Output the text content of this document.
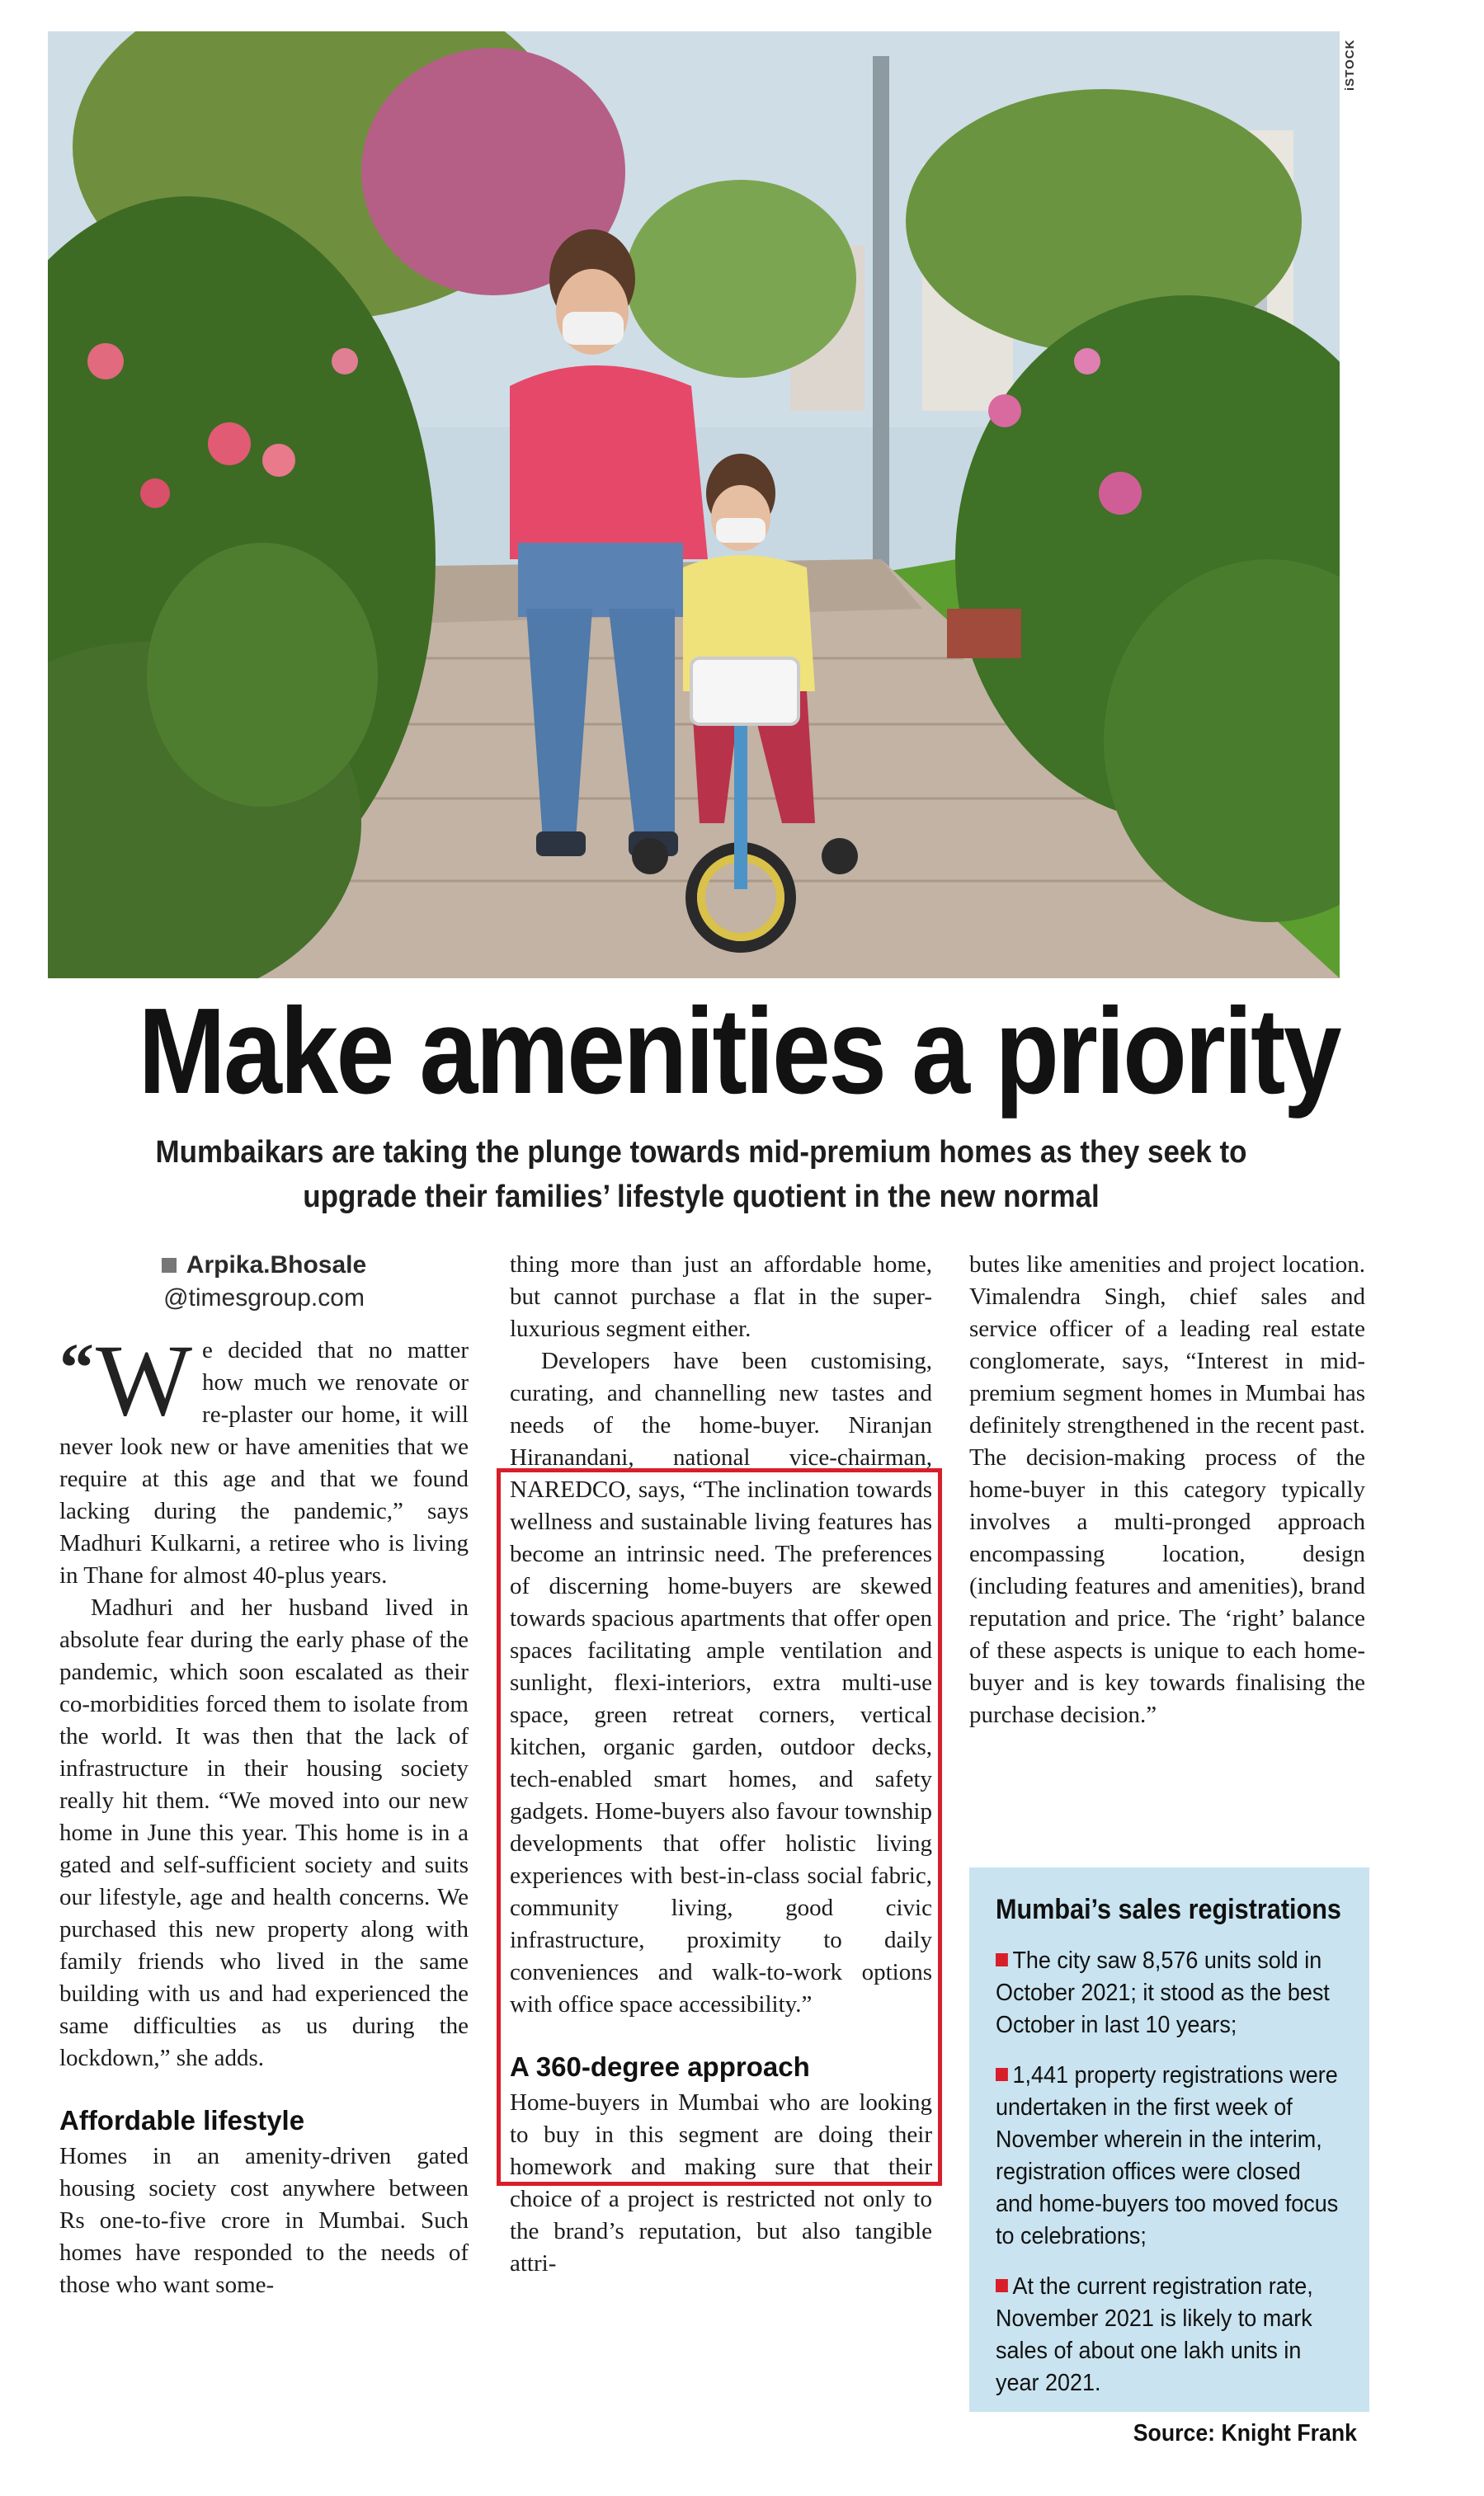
iSTOCK
Make amenities a priority
Mumbaikars are taking the plunge towards mid-premium homes as they seek to upgrade their families’ lifestyle quotient in the new normal
Arpika.Bhosale
@timesgroup.com
“ W e decided that no matter how much we renovate or re-plaster our home, it will never look new or have amenities that we require at this age and that we found lacking during the pandemic,” says Madhuri Kulkarni, a retiree who is living in Thane for almost 40-plus years.

Madhuri and her husband lived in absolute fear during the early phase of the pandemic, which soon escalated as their co-morbidities forced them to isolate from the world. It was then that the lack of infrastructure in their housing society really hit them. “We moved into our new home in June this year. This home is in a gated and self-sufficient society and suits our lifestyle, age and health concerns. We purchased this new property along with family friends who lived in the same building with us and had experienced the same difficulties as us during the lockdown,” she adds.

Affordable lifestyle

Homes in an amenity-driven gated housing society cost anywhere between Rs one-to-five crore in Mumbai. Such homes have responded to the needs of those who want some-

thing more than just an affordable home, but cannot purchase a flat in the super-luxurious segment either.

Developers have been customising, curating, and channelling new tastes and needs of the home-buyer. Niranjan Hiranandani, national vice-chairman, NAREDCO, says, “The inclination towards wellness and sustainable living features has become an intrinsic need. The preferences of discerning home-buyers are skewed towards spacious apartments that offer open spaces facilitating ample ventilation and sunlight, flexi-interiors, extra multi-use space, green retreat corners, vertical kitchen, organic garden, outdoor decks, tech-enabled smart homes, and safety gadgets. Home-buyers also favour township developments that offer holistic living experiences with best-in-class social fabric, community living, good civic infrastructure, proximity to daily conveniences and walk-to-work options with office space accessibility.”

A 360-degree approach

Home-buyers in Mumbai who are looking to buy in this segment are doing their homework and making sure that their choice of a project is restricted not only to the brand’s reputation, but also tangible attri-

butes like amenities and project location. Vimalendra Singh, chief sales and service officer of a leading real estate conglomerate, says, “Interest in mid-premium segment homes in Mumbai has definitely strengthened in the recent past. The decision-making process of the home-buyer in this category typically involves a multi-pronged approach encompassing location, design (including features and amenities), brand reputation and price. The ‘right’ balance of these aspects is unique to each home-buyer and is key towards finalising the purchase decision.”

Mumbai’s sales registrations
The city saw 8,576 units sold in October 2021; it stood as the best October in last 10 years;
1,441 property registrations were undertaken in the first week of November wherein in the interim, registration offices were closed and home-buyers too moved focus to celebrations;
At the current registration rate, November 2021 is likely to mark sales of about one lakh units in year 2021.
Source: Knight Frank
